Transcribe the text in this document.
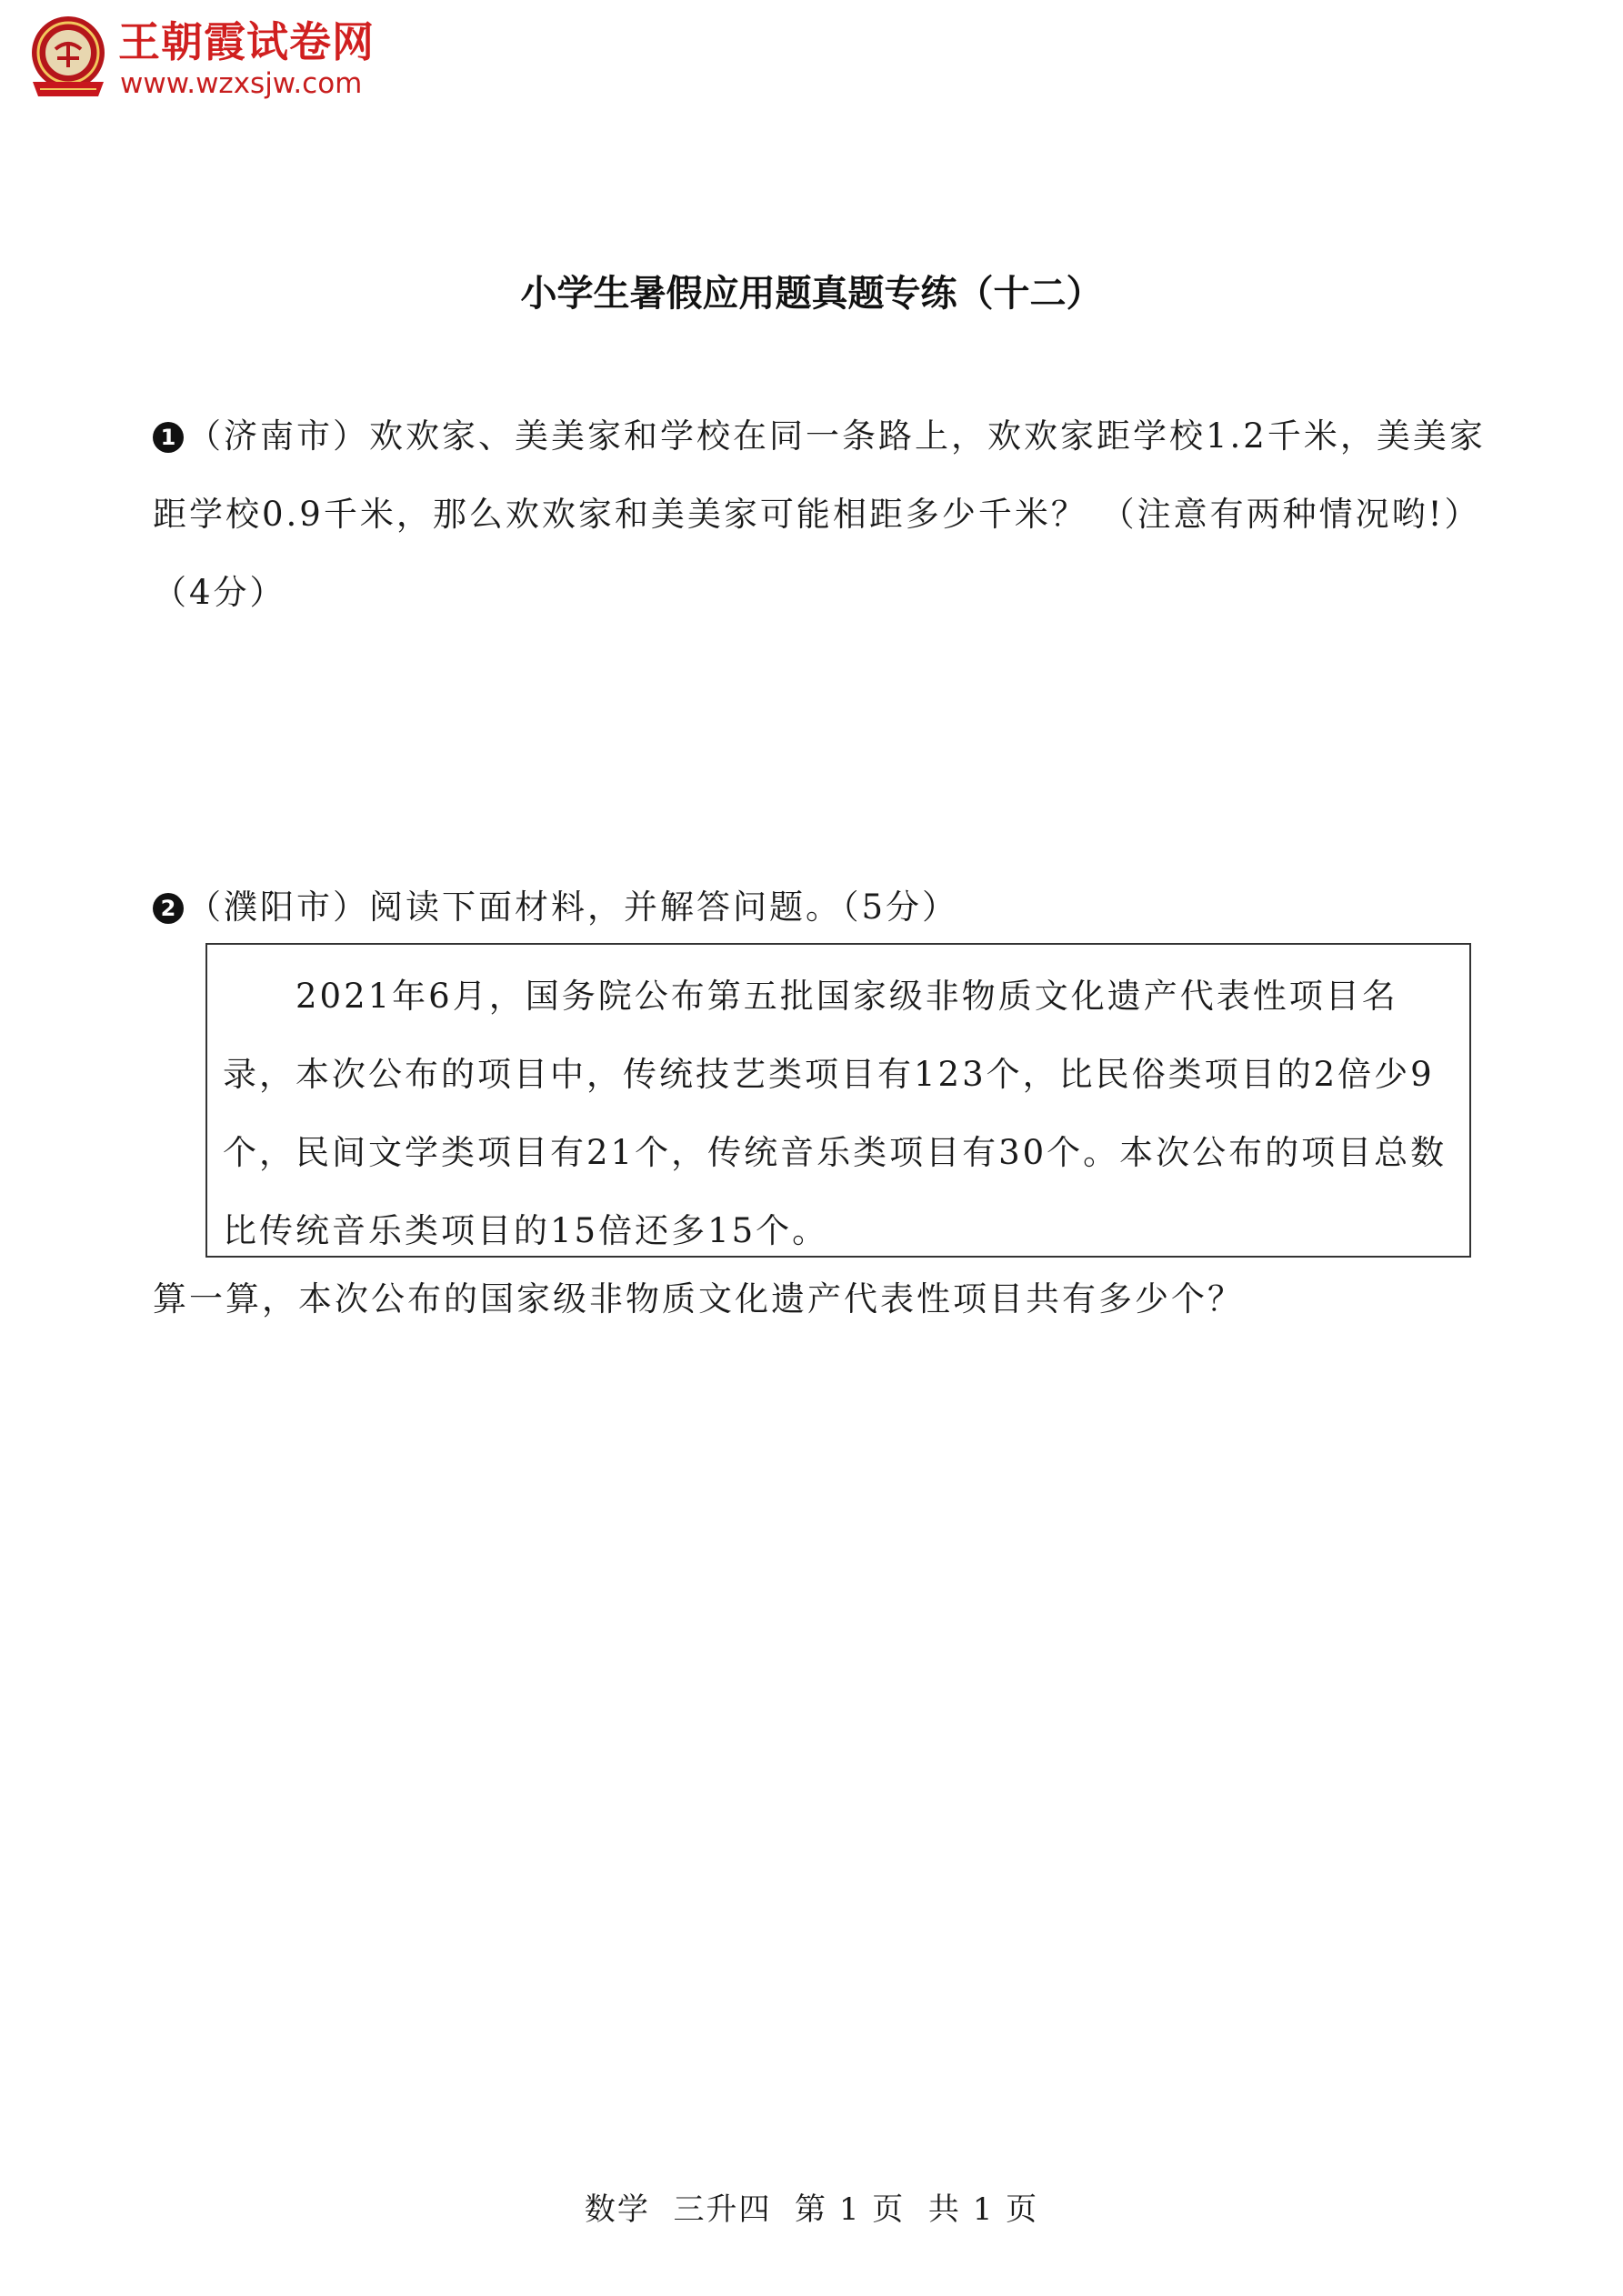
王朝霞试卷网
www.wzxsjw.com
小学生暑假应用题真题专练（十二）
1 （济南市）欢欢家、美美家和学校在同一条路上，欢欢家距学校1.2千米，美美家距学校0.9千米，那么欢欢家和美美家可能相距多少千米？ （注意有两种情况哟!）（4分）
2 （濮阳市）阅读下面材料，并解答问题。（5分）
2021年6月，国务院公布第五批国家级非物质文化遗产代表性项目名录，本次公布的项目中，传统技艺类项目有123个，比民俗类项目的2倍少9个，民间文学类项目有21个，传统音乐类项目有30个。本次公布的项目总数比传统音乐类项目的15倍还多15个。
算一算，本次公布的国家级非物质文化遗产代表性项目共有多少个？
数学  三升四  第 1 页  共 1 页
